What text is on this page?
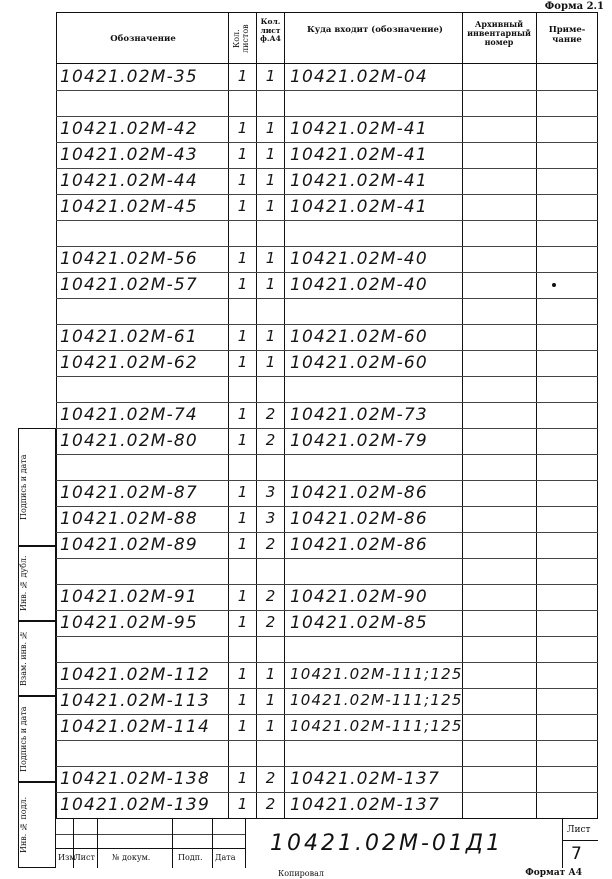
Форма 2.1
Обозначение	Кол. листов
Кол. лист ф.А4
Куда входит (обозначение)
Архивный инвентарный номер
Приме-чание
10421.02М-35	1	1 10421.02М-04
10421.02М-42	1	1 10421.02М-41
10421.02М-43	1	1 10421.02М-41
10421.02М-44	1	1 10421.02М-41
10421.02М-45	1	1 10421.02М-41
10421.02М-56	1	1 10421.02М-40
10421.02М-57	1	1 10421.02М-40
10421.02М-61	1	1 10421.02М-60
10421.02М-62	1	1 10421.02М-60
10421.02М-74	1	2 10421.02М-73
10421.02М-80	1	2 10421.02М-79
10421.02М-87	1	3 10421.02М-86
10421.02М-88	1	3 10421.02М-86
10421.02М-89	1	2 10421.02М-86
10421.02М-91	1	2 10421.02М-90
10421.02М-95	1	2 10421.02М-85
10421.02М-112	1	1 10421.02М-111;125
10421.02М-113	1	1 10421.02М-111;125
10421.02М-114	1	1 10421.02М-111;125
10421.02М-138	1	2 10421.02М-137
10421.02М-139	1	2 10421.02М-137
Подпись и дата
Инв. № дубл.
Взам. инв. №
Подпись и дата
Инв. № подл.
Изм
Лист № докум.	Подп. Дата
10421.02М-01Д1
Лист
7
Копировал	Формат А4
